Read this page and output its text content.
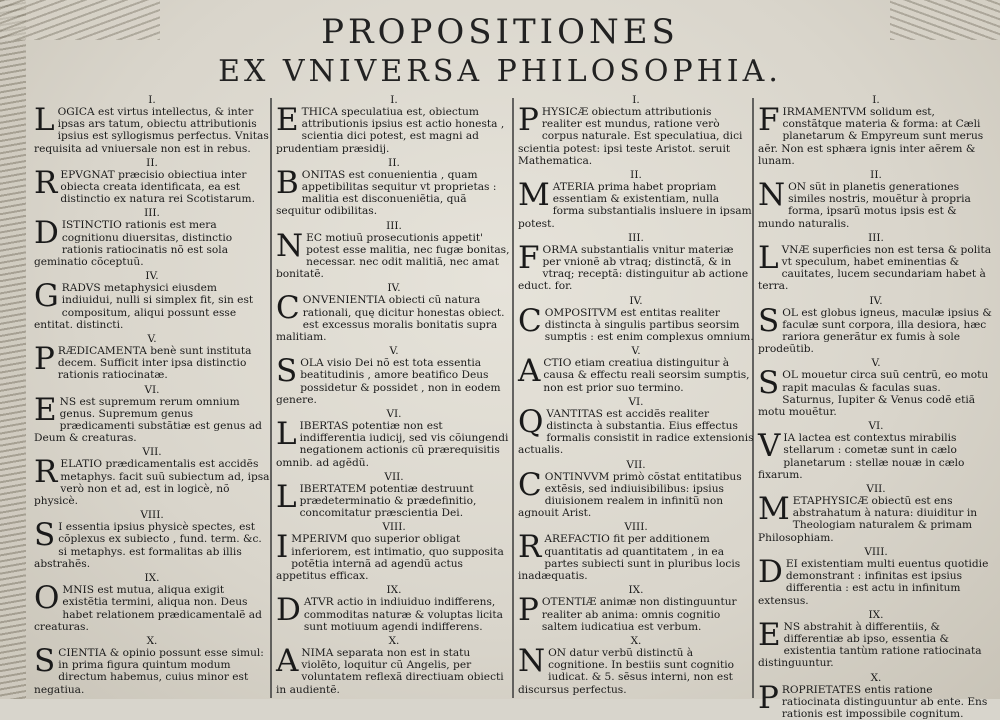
PROPOSITIONES
EX VNIVERSA PHILOSOPHIA.
I.
LOGICA est virtus intellectus, & inter ipsas ars tatum, obiectu attributionis ipsius est syllogismus perfectus. Vnitas requisita ad vniuersale non est in rebus.
II.
REPVGNAT præcisio obiectiua inter obiecta creata identificata, ea est distinctio ex natura rei Scotistarum.
III.
DISTINCTIO rationis est mera cognitionu diuersitas, distinctio rationis ratiocinatis nõ est sola geminatio cõceptuũ.
IV.
GRADVS metaphysici eiusdem indiuidui, nulli si simplex fit, sin est compositum, aliqui possunt esse entitat. distincti.
V.
PRÆDICAMENTA benè sunt instituta decem. Sufficit inter ipsa distinctio rationis ratiocinatæ.
VI.
ENS est supremum rerum omnium genus. Supremum genus prædicamenti substãtiæ est genus ad Deum & creaturas.
VII.
RELATIO prædicamentalis est accidẽs metaphys. facit suũ subiectum ad, ipsa verò non et ad, est in logicè, nõ physicè.
VIII.
S I essentia ipsius physicè spectes, est cõplexus ex subiecto , fund. term. &c. si metaphys. est formalitas ab illis abstrahẽs.
IX.
OMNIS est mutua, aliqua exigit existẽtia termini, aliqua non. Deus habet relationem prædicamentalẽ ad creaturas.
X.
SCIENTIA & opinio possunt esse simul: in prima figura quintum modum directum habemus, cuius minor est negatiua.
I.
ETHICA speculatiua est, obiectum attributionis ipsius est actio honesta , scientia dici potest, est magni ad prudentiam præsidij.
II.
BONITAS est conuenientia , quam appetibilitas sequitur vt proprietas : malitia est disconueniẽtia, quã sequitur odibilitas.
III.
NEC motiuũ prosecutionis appetit' potest esse malitia, nec fugæ bonitas, necessar. nec odit malitiã, nec amat bonitatẽ.
IV.
CONVENIENTIA obiecti cũ natura rationali, quę dicitur honestas obiect. est excessus moralis bonitatis supra malitiam.
V.
SOLA visio Dei nõ est tota essentia beatitudinis , amore beatifico Deus possidetur & possidet , non in eodem genere.
VI.
LIBERTAS potentiæ non est indifferentia iudicij, sed vis cõiungendi negationem actionis cũ prærequisitis omnib. ad agẽdũ.
VII.
LIBERTATEM potentiæ destruunt prædeterminatio & prædefinitio, concomitatur præscientia Dei.
VIII.
IMPERIVM quo superior obligat inferiorem, est intimatio, quo supposita potẽtia internã ad agendũ actus appetitus efficax.
IX.
DATVR actio in indiuiduo indifferens, commoditas naturæ & voluptas licita sunt motiuum agendi indifferens.
X.
ANIMA separata non est in statu violẽto, loquitur cũ Angelis, per voluntatem reflexã directiuam obiecti in audientẽ.
I.
PHYSICÆ obiectum attributionis realiter est mundus, ratione verò corpus naturale. Est speculatiua, dici scientia potest: ipsi teste Aristot. seruit Mathematica.
II.
MATERIA prima habet propriam essentiam & existentiam, nulla forma substantialis insluere in ipsam potest.
III.
FORMA substantialis vnitur materiæ per vnionẽ ab vtraq; distinctã, & in vtraq; receptã: distinguitur ab actione educt. for.
IV.
COMPOSITVM est entitas realiter distincta à singulis partibus seorsim sumptis : est enim complexus omnium.
V.
ACTIO etiam creatiua distinguitur à causa & effectu reali seorsim sumptis, non est prior suo termino.
VI.
QVANTITAS est accidẽs realiter distincta à substantia. Eius effectus formalis consistit in radice extensionis actualis.
VII.
CONTINVVM primò cõstat entitatibus extẽsis, sed indiuisibilibus: ipsius diuisionem realem in infinitũ non agnouit Arist.
VIII.
RAREFACTIO fit per additionem quantitatis ad quantitatem , in ea partes subiecti sunt in pluribus locis inadæquatis.
IX.
POTENTIÆ animæ non distinguuntur realiter ab anima: omnis cognitio saltem iudicatiua est verbum.
X.
NON datur verbũ distinctũ à cognitione. In bestiis sunt cognitio iudicat. & 5. sẽsus interni, non est discursus perfectus.
I.
FIRMAMENTVM solidum est, constãtque materia & forma: at Cæli planetarum & Empyreum sunt merus aẽr. Non est sphæra ignis inter aẽrem & lunam.
II.
NON sũt in planetis generationes similes nostris, mouẽtur à propria forma, ipsarũ motus ipsis est & mundo naturalis.
III.
LVNÆ superficies non est tersa & polita vt speculum, habet eminentias & cauitates, lucem secundariam habet à terra.
IV.
SOL est globus igneus, maculæ ipsius & faculæ sunt corpora, illa desiora, hæc rariora generãtur ex fumis à sole prodeũtib.
V.
SOL mouetur circa suũ centrũ, eo motu rapit maculas & faculas suas. Saturnus, Iupiter & Venus codẽ etiã motu mouẽtur.
VI.
VIA lactea est contextus mirabilis stellarum : cometæ sunt in cælo planetarum : stellæ nouæ in cælo fixarum.
VII.
METAPHYSICÆ obiectũ est ens abstrahatum à natura: diuiditur in Theologiam naturalem & primam Philosophiam.
VIII.
DEI existentiam multi euentus quotidie demonstrant : infinitas est ipsius differentia : est actu in infinitum extensus.
IX.
ENS abstrahit à differentiis, & differentiæ ab ipso, essentia & existentia tantùm ratione ratiocinata distinguuntur.
X.
PROPRIETATES entis ratione ratiocinata distinguuntur ab ente. Ens rationis est impossibile cognitum.
